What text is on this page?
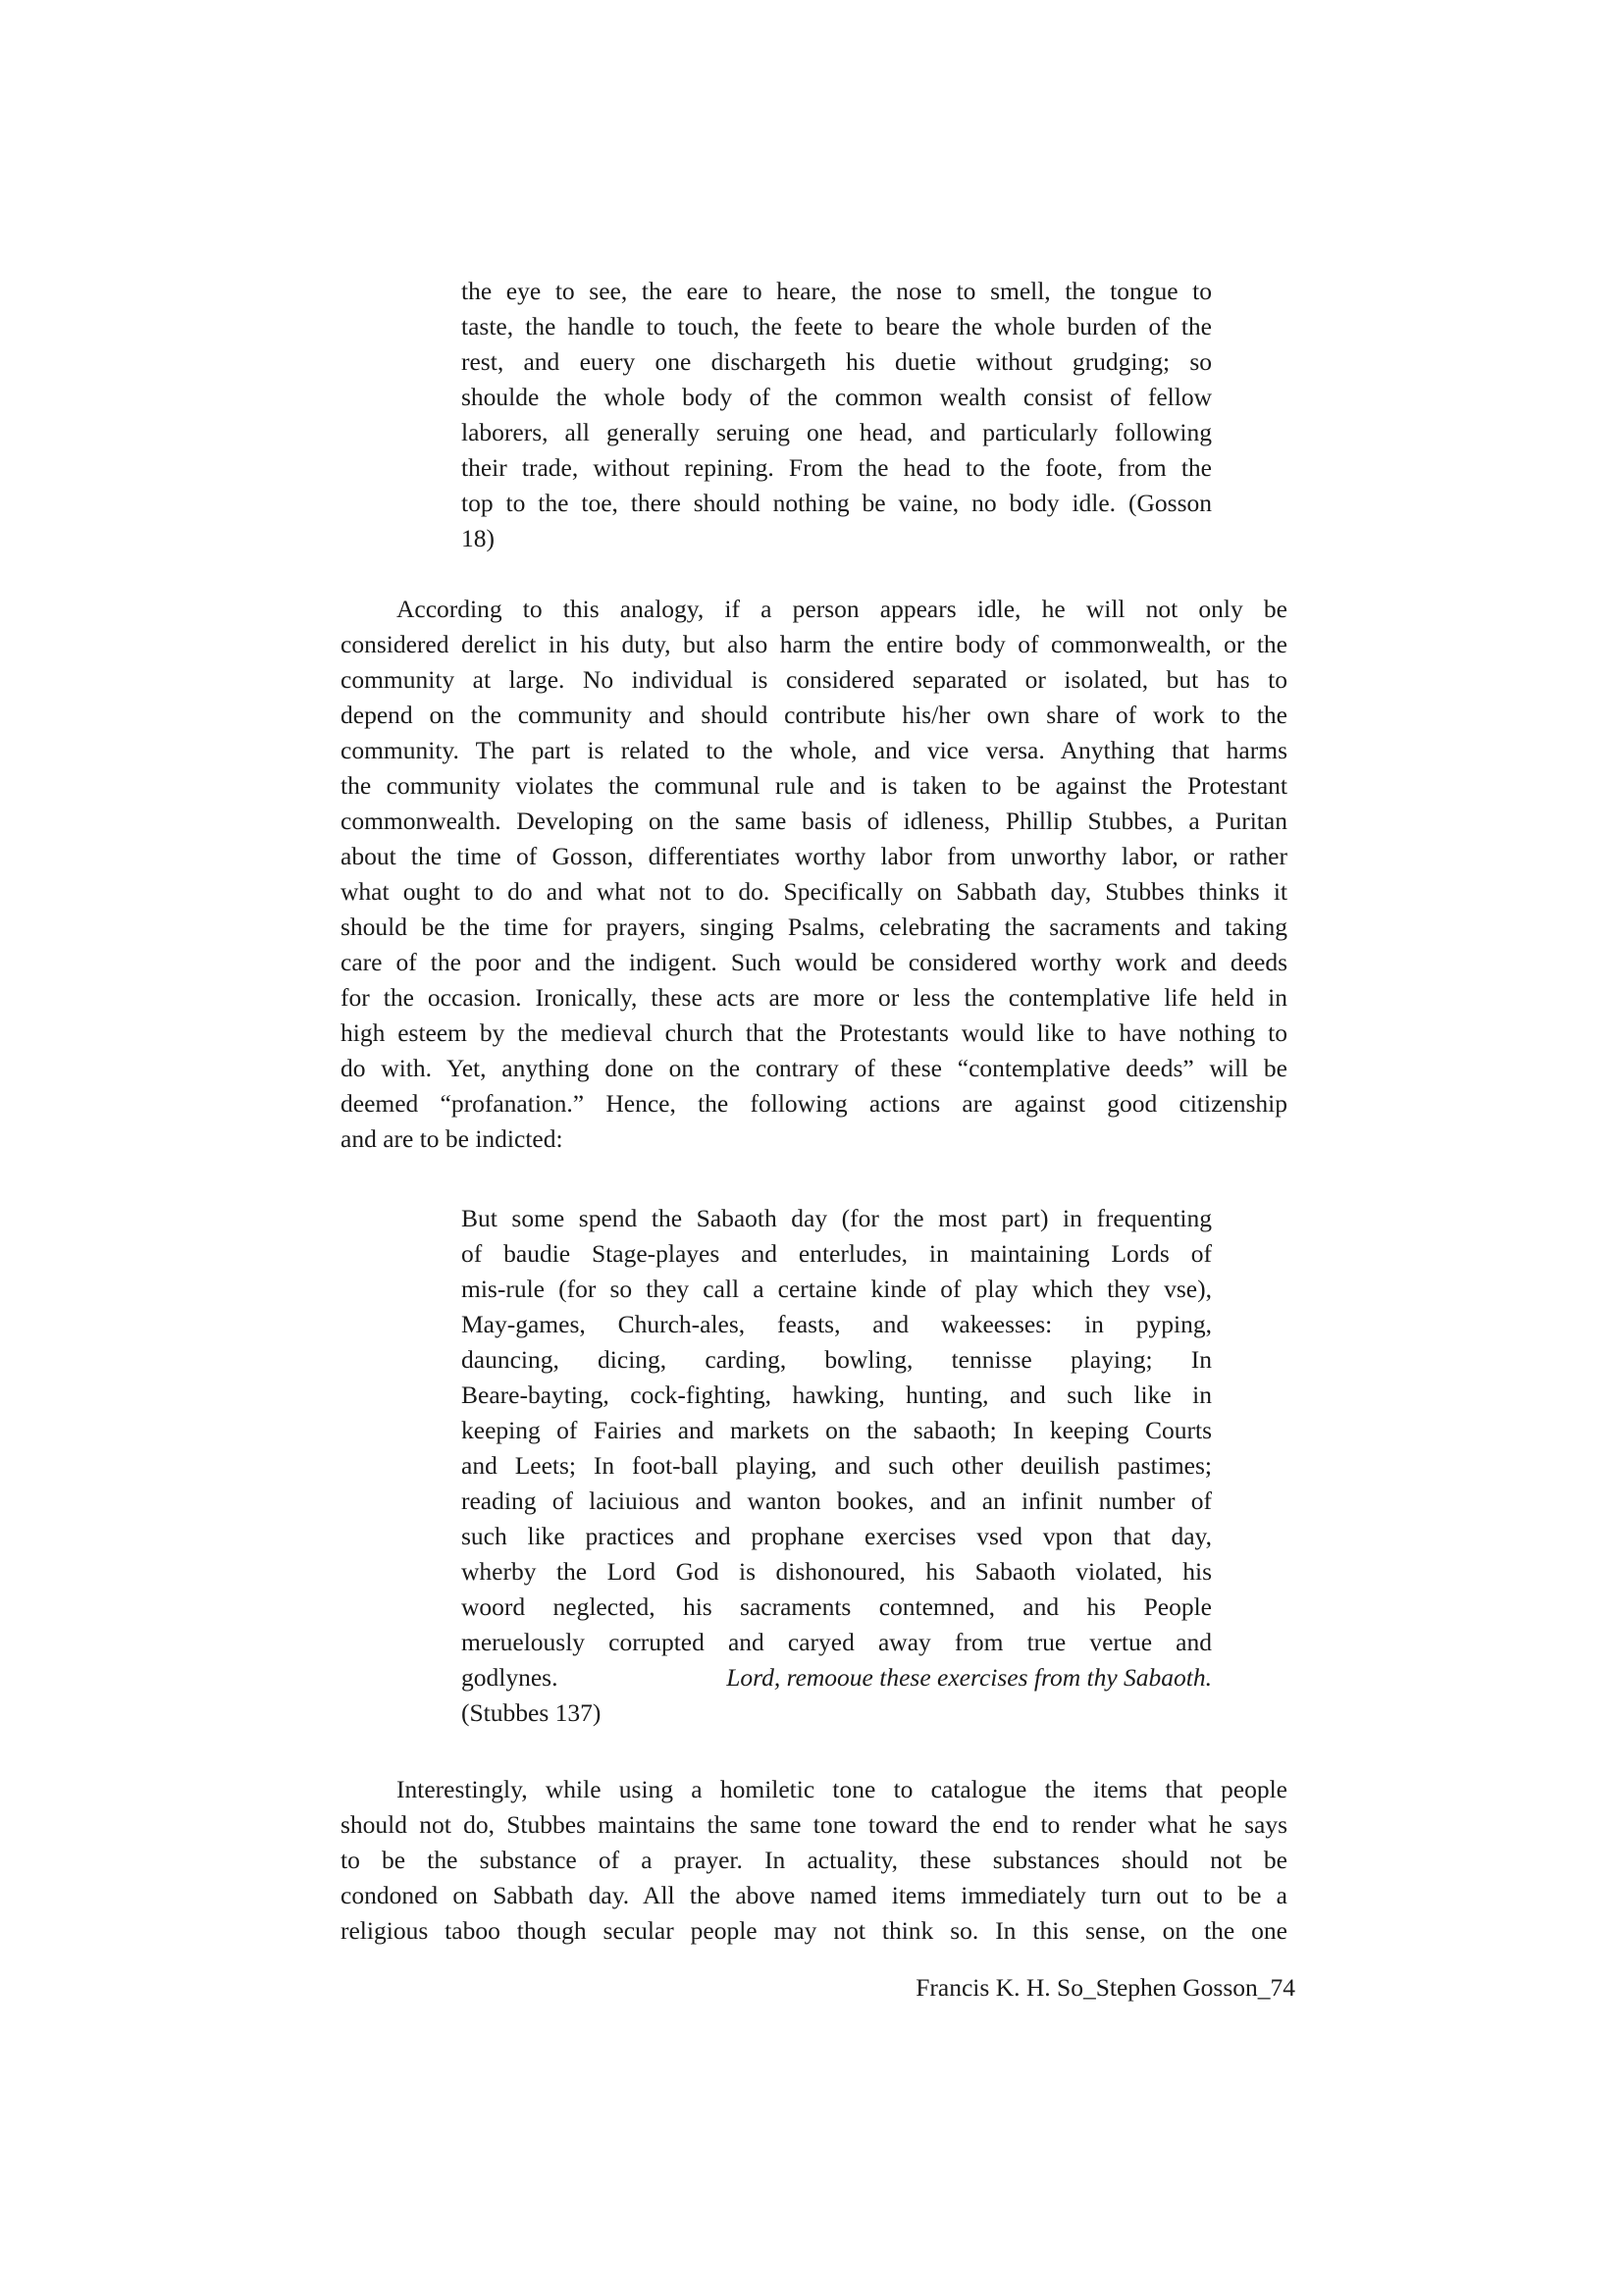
the eye to see, the eare to heare, the nose to smell, the tongue to
taste, the handle to touch, the feete to beare the whole burden of the
rest, and euery one dischargeth his duetie without grudging; so
shoulde the whole body of the common wealth consist of fellow
laborers, all generally seruing one head, and particularly following
their trade, without repining. From the head to the foote, from the
top to the toe, there should nothing be vaine, no body idle. (Gosson
18)
According to this analogy, if a person appears idle, he will not only be
considered derelict in his duty, but also harm the entire body of commonwealth, or the
community at large. No individual is considered separated or isolated, but has to
depend on the community and should contribute his/her own share of work to the
community. The part is related to the whole, and vice versa. Anything that harms
the community violates the communal rule and is taken to be against the Protestant
commonwealth. Developing on the same basis of idleness, Phillip Stubbes, a Puritan
about the time of Gosson, differentiates worthy labor from unworthy labor, or rather
what ought to do and what not to do. Specifically on Sabbath day, Stubbes thinks it
should be the time for prayers, singing Psalms, celebrating the sacraments and taking
care of the poor and the indigent. Such would be considered worthy work and deeds
for the occasion. Ironically, these acts are more or less the contemplative life held in
high esteem by the medieval church that the Protestants would like to have nothing to
do with. Yet, anything done on the contrary of these “contemplative deeds” will be
deemed “profanation.” Hence, the following actions are against good citizenship
and are to be indicted:
But some spend the Sabaoth day (for the most part) in frequenting
of baudie Stage-playes and enterludes, in maintaining Lords of
mis-rule (for so they call a certaine kinde of play which they vse),
May-games, Church-ales, feasts, and wakeesses: in pyping,
dauncing, dicing, carding, bowling, tennisse playing; In
Beare-bayting, cock-fighting, hawking, hunting, and such like in
keeping of Fairies and markets on the sabaoth; In keeping Courts
and Leets; In foot-ball playing, and such other deuilish pastimes;
reading of laciuious and wanton bookes, and an infinit number of
such like practices and prophane exercises vsed vpon that day,
wherby the Lord God is dishonoured, his Sabaoth violated, his
woord neglected, his sacraments contemned, and his People
meruelously corrupted and caryed away from true vertue and
godlynes.	Lord, remooue these exercises from thy Sabaoth.
(Stubbes 137)
Interestingly, while using a homiletic tone to catalogue the items that people
should not do, Stubbes maintains the same tone toward the end to render what he says
to be the substance of a prayer. In actuality, these substances should not be
condoned on Sabbath day. All the above named items immediately turn out to be a
religious taboo though secular people may not think so. In this sense, on the one
Francis K. H. So_Stephen Gosson_74
